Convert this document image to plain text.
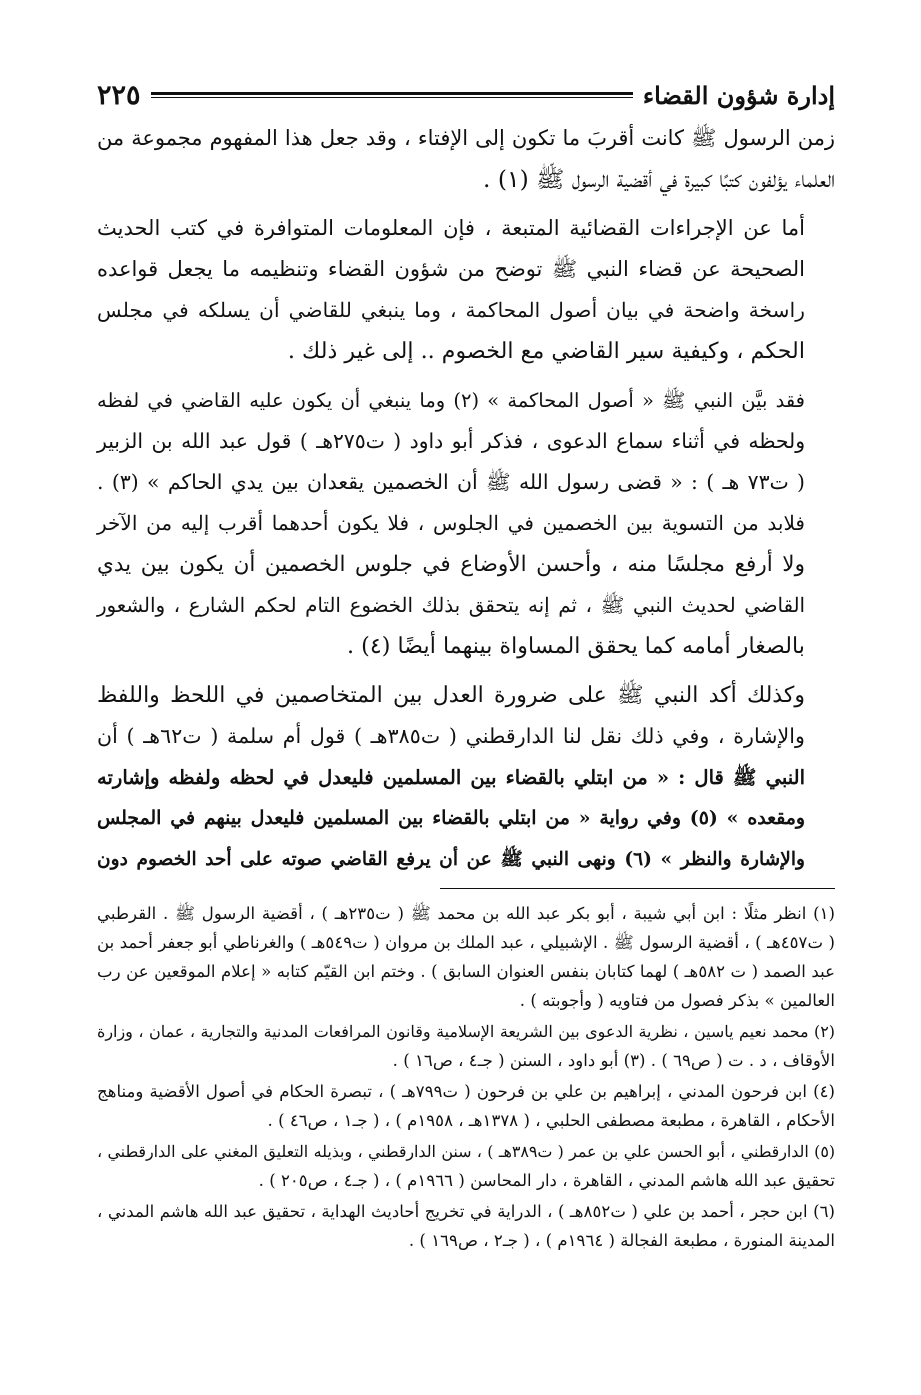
إدارة شؤون القضاء
٢٢٥

زمن الرسول ﷺ كانت أقربَ ما تكون إلى الإفتاء ، وقد جعل هذا المفهوم مجموعة من
العلماء يؤلفون كتبًا كبيرة في أقضية الرسول ﷺ (١) .

أما عن الإجراءات القضائية المتبعة ، فإن المعلومات المتوافرة في كتب الحديث
الصحيحة عن قضاء النبي ﷺ توضح من شؤون القضاء وتنظيمه ما يجعل قواعده
راسخة واضحة في بيان أصول المحاكمة ، وما ينبغي للقاضي أن يسلكه في مجلس
الحكم ، وكيفية سير القاضي مع الخصوم .. إلى غير ذلك .

فقد بيَّن النبي ﷺ « أصول المحاكمة » (٢) وما ينبغي أن يكون عليه القاضي في لفظه
ولحظه في أثناء سماع الدعوى ، فذكر أبو داود ( ت٢٧٥هـ ) قول عبد الله بن الزبير
( ت٧٣ هـ ) : « قضى رسول الله ﷺ أن الخصمين يقعدان بين يدي الحاكم » (٣) .
فلابد من التسوية بين الخصمين في الجلوس ، فلا يكون أحدهما أقرب إليه من الآخر
ولا أرفع مجلسًا منه ، وأحسن الأوضاع في جلوس الخصمين أن يكون بين يدي
القاضي لحديث النبي ﷺ ، ثم إنه يتحقق بذلك الخضوع التام لحكم الشارع ، والشعور
بالصغار أمامه كما يحقق المساواة بينهما أيضًا (٤) .

وكذلك أكد النبي ﷺ على ضرورة العدل بين المتخاصمين في اللحظ واللفظ
والإشارة ، وفي ذلك نقل لنا الدارقطني ( ت٣٨٥هـ ) قول أم سلمة ( ت٦٢هـ ) أن
النبي ﷺ قال : « من ابتلي بالقضاء بين المسلمين فليعدل في لحظه ولفظه وإشارته
ومقعده » (٥) وفي رواية « من ابتلي بالقضاء بين المسلمين فليعدل بينهم في المجلس
والإشارة والنظر » (٦) ونهى النبي ﷺ عن أن يرفع القاضي صوته على أحد الخصوم دون

(١) انظر مثلًا : ابن أبي شيبة ، أبو بكر عبد الله بن محمد ﷺ ( ت٢٣٥هـ ) ، أقضية الرسول ﷺ . القرطبي
( ت٤٥٧هـ ) ، أقضية الرسول ﷺ . الإشبيلي ، عبد الملك بن مروان ( ت٥٤٩هـ ) والغرناطي أبو جعفر أحمد بن
عبد الصمد ( ت ٥٨٢هـ ) لهما كتابان بنفس العنوان السابق ) . وختم ابن القيّم كتابه « إعلام الموقعين عن رب
العالمين » بذكر فصول من فتاويه ( وأجوبته ) .

(٢) محمد نعيم ياسين ، نظرية الدعوى بين الشريعة الإسلامية وقانون المرافعات المدنية والتجارية ، عمان ، وزارة
الأوقاف ، د . ت ( ص٦٩ ) . (٣) أبو داود ، السنن ( جـ٤ ، ص١٦ ) .

(٤) ابن فرحون المدني ، إبراهيم بن علي بن فرحون ( ت٧٩٩هـ ) ، تبصرة الحكام في أصول الأقضية ومناهج
الأحكام ، القاهرة ، مطبعة مصطفى الحلبي ، ( ١٣٧٨هـ ، ١٩٥٨م ) ، ( جـ١ ، ص٤٦ ) .

(٥) الدارقطني ، أبو الحسن علي بن عمر ( ت٣٨٩هـ ) ، سنن الدارقطني ، وبذيله التعليق المغني على الدارقطني ،
تحقيق عبد الله هاشم المدني ، القاهرة ، دار المحاسن ( ١٩٦٦م ) ، ( جـ٤ ، ص٢٠٥ ) .

(٦) ابن حجر ، أحمد بن علي ( ت٨٥٢هـ ) ، الدراية في تخريج أحاديث الهداية ، تحقيق عبد الله هاشم المدني ،
المدينة المنورة ، مطبعة الفجالة ( ١٩٦٤م ) ، ( جـ٢ ، ص١٦٩ ) .
